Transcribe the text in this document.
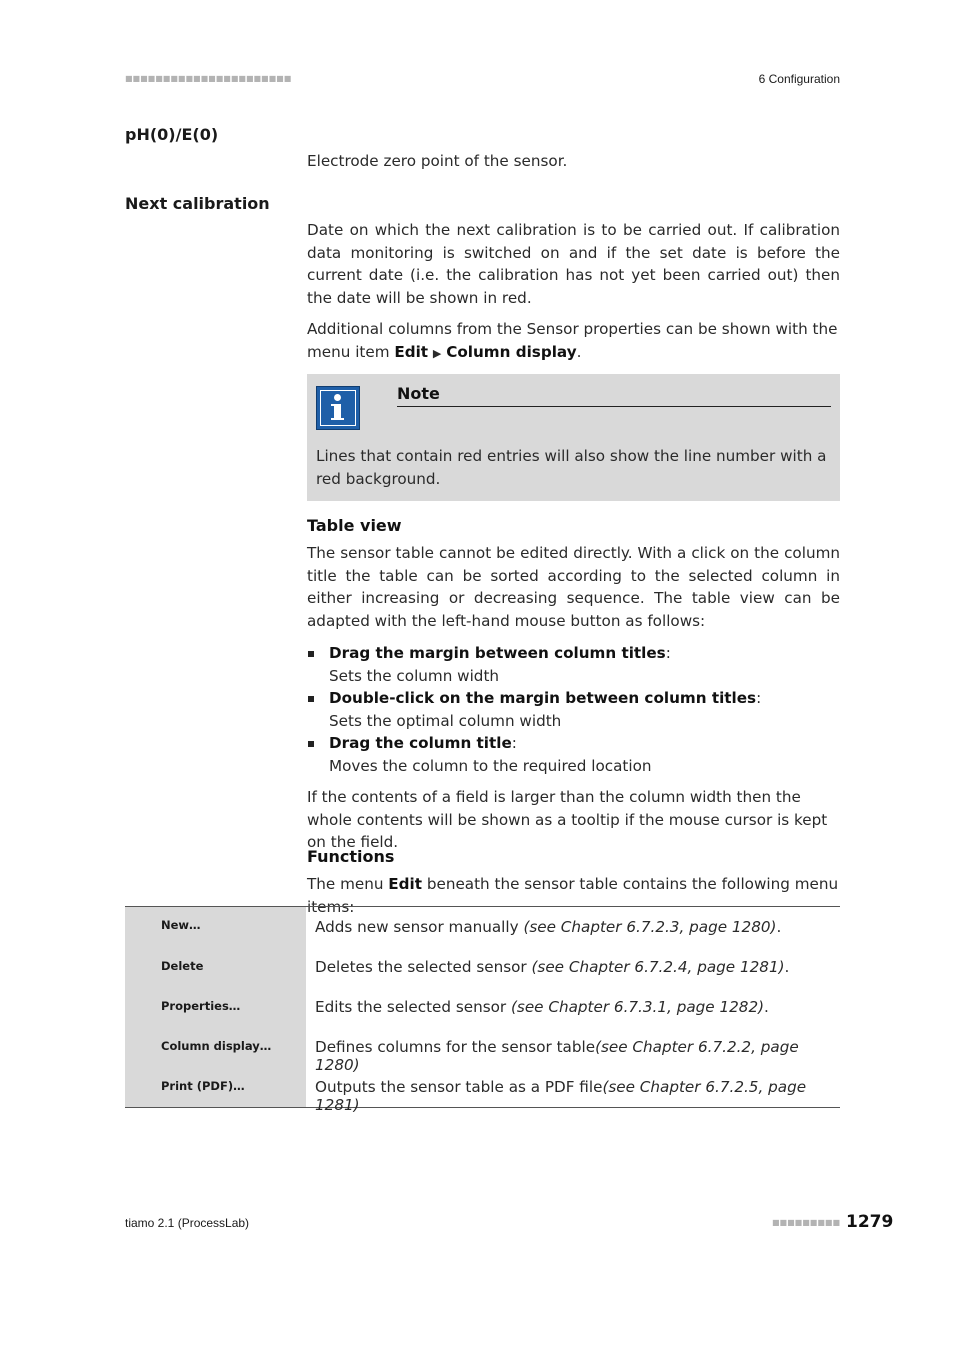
■■■■■■■■■■■■■■■■■■■■■■	6 Configuration
pH(0)/E(0)
Electrode zero point of the sensor.
Next calibration
Date on which the next calibration is to be carried out. If calibration data monitoring is switched on and if the set date is before the current date (i.e. the calibration has not yet been carried out) then the date will be shown in red.
Additional columns from the Sensor properties can be shown with the menu item Edit ▶ Column display.
Note
Lines that contain red entries will also show the line number with a red background.
Table view
The sensor table cannot be edited directly. With a click on the column title the table can be sorted according to the selected column in either increasing or decreasing sequence. The table view can be adapted with the left-hand mouse button as follows:
Drag the margin between column titles:
Sets the column width
Double-click on the margin between column titles:
Sets the optimal column width
Drag the column title:
Moves the column to the required location
If the contents of a field is larger than the column width then the whole contents will be shown as a tooltip if the mouse cursor is kept on the field.
Functions
The menu Edit beneath the sensor table contains the following menu items:
New…	Adds new sensor manually (see Chapter 6.7.2.3, page 1280).
Delete	Deletes the selected sensor (see Chapter 6.7.2.4, page 1281).
Properties…	Edits the selected sensor (see Chapter 6.7.3.1, page 1282).
Column display…	Defines columns for the sensor table(see Chapter 6.7.2.2, page 1280)
Print (PDF)…	Outputs the sensor table as a PDF file(see Chapter 6.7.2.5, page 1281)
tiamo 2.1 (ProcessLab)	■■■■■■■■■ 1279
